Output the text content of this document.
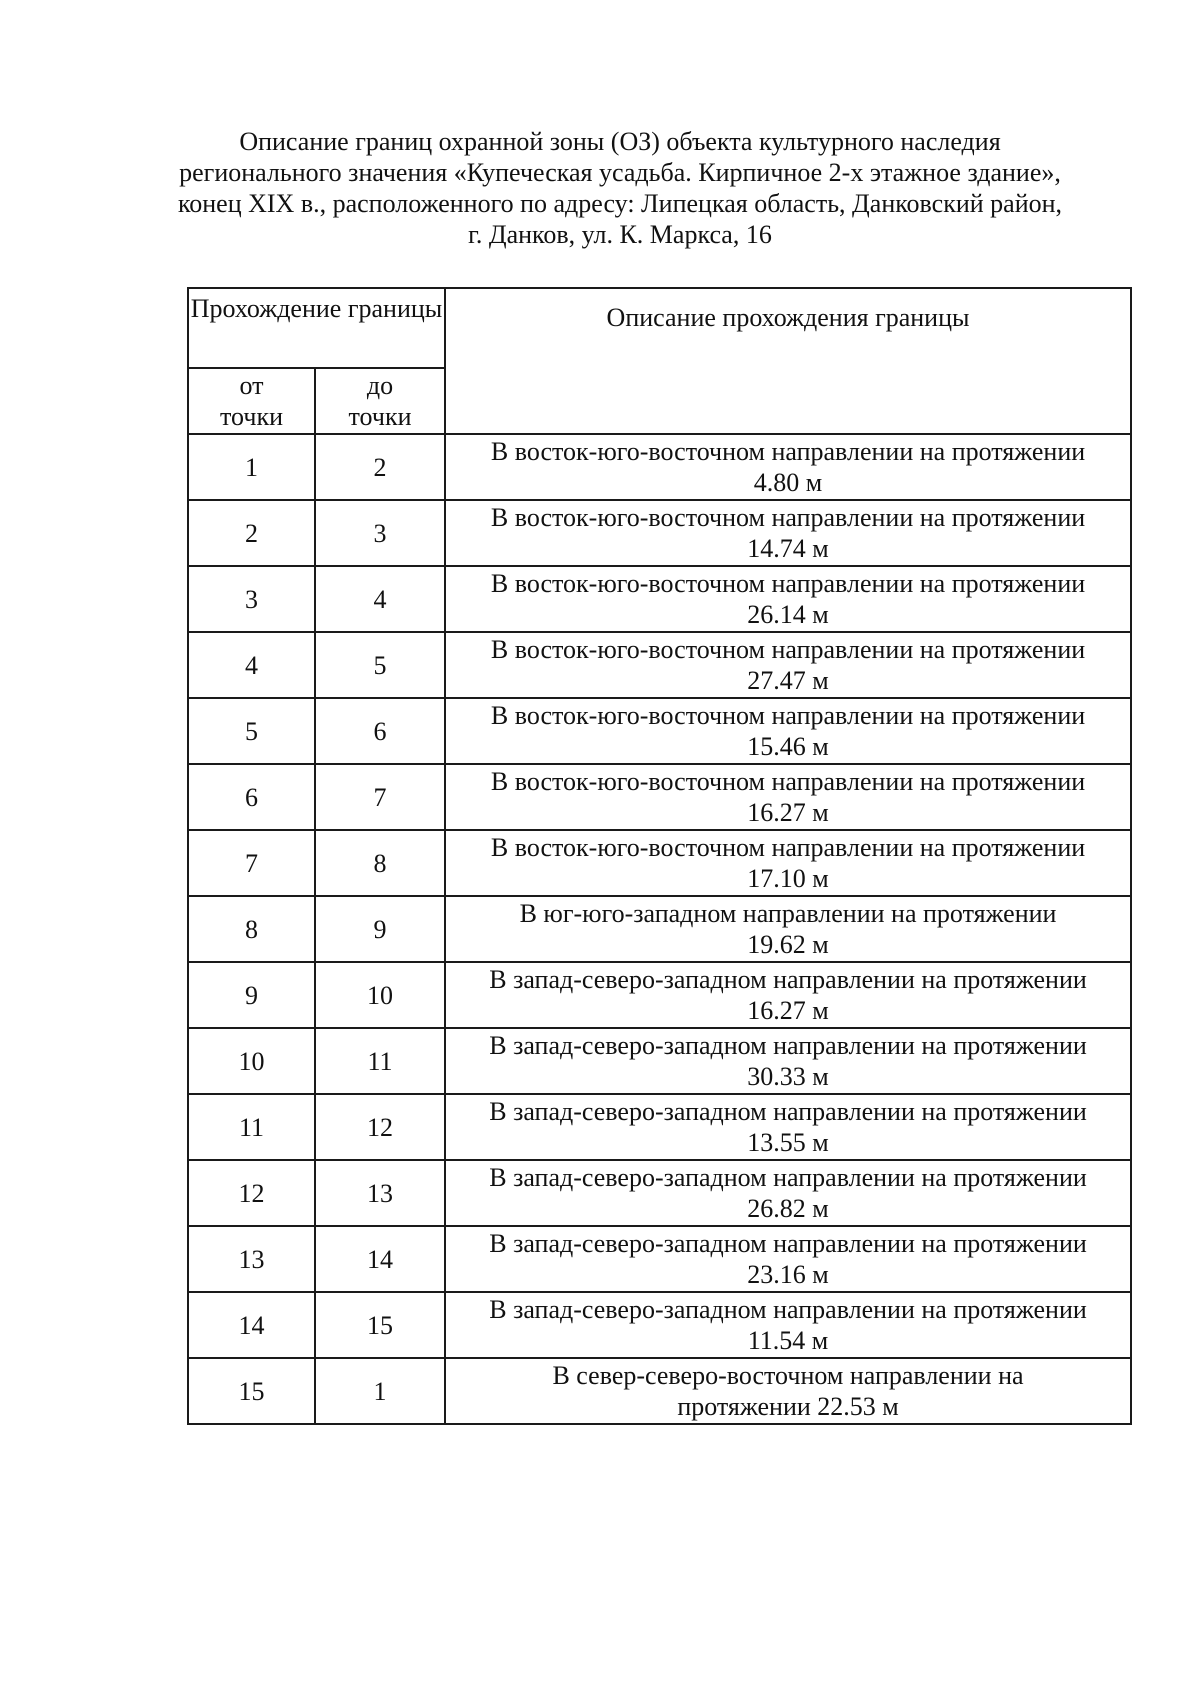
Описание границ охранной зоны (ОЗ) объекта культурного наследия
регионального значения «Купеческая усадьба. Кирпичное 2-х этажное здание»,
конец XIX в., расположенного по адресу: Липецкая область, Данковский район,
г. Данков, ул. К. Маркса, 16
Прохождение границы		Описание прохождения границы

от
точки	до
точки	

1	2	В восток-юго-восточном направлении на протяжении
4.80 м

2	3	В восток-юго-восточном направлении на протяжении
14.74 м

3	4	В восток-юго-восточном направлении на протяжении
26.14 м

4	5	В восток-юго-восточном направлении на протяжении
27.47 м

5	6	В восток-юго-восточном направлении на протяжении
15.46 м

6	7	В восток-юго-восточном направлении на протяжении
16.27 м

7	8	В восток-юго-восточном направлении на протяжении
17.10 м

8	9	В юг-юго-западном направлении на протяжении
19.62 м

9	10	В запад-северо-западном направлении на протяжении
16.27 м

10	11	В запад-северо-западном направлении на протяжении
30.33 м

11	12	В запад-северо-западном направлении на протяжении
13.55 м

12	13	В запад-северо-западном направлении на протяжении
26.82 м

13	14	В запад-северо-западном направлении на протяжении
23.16 м

14	15	В запад-северо-западном направлении на протяжении
11.54 м

15	1	В север-северо-восточном направлении на
протяжении 22.53 м
